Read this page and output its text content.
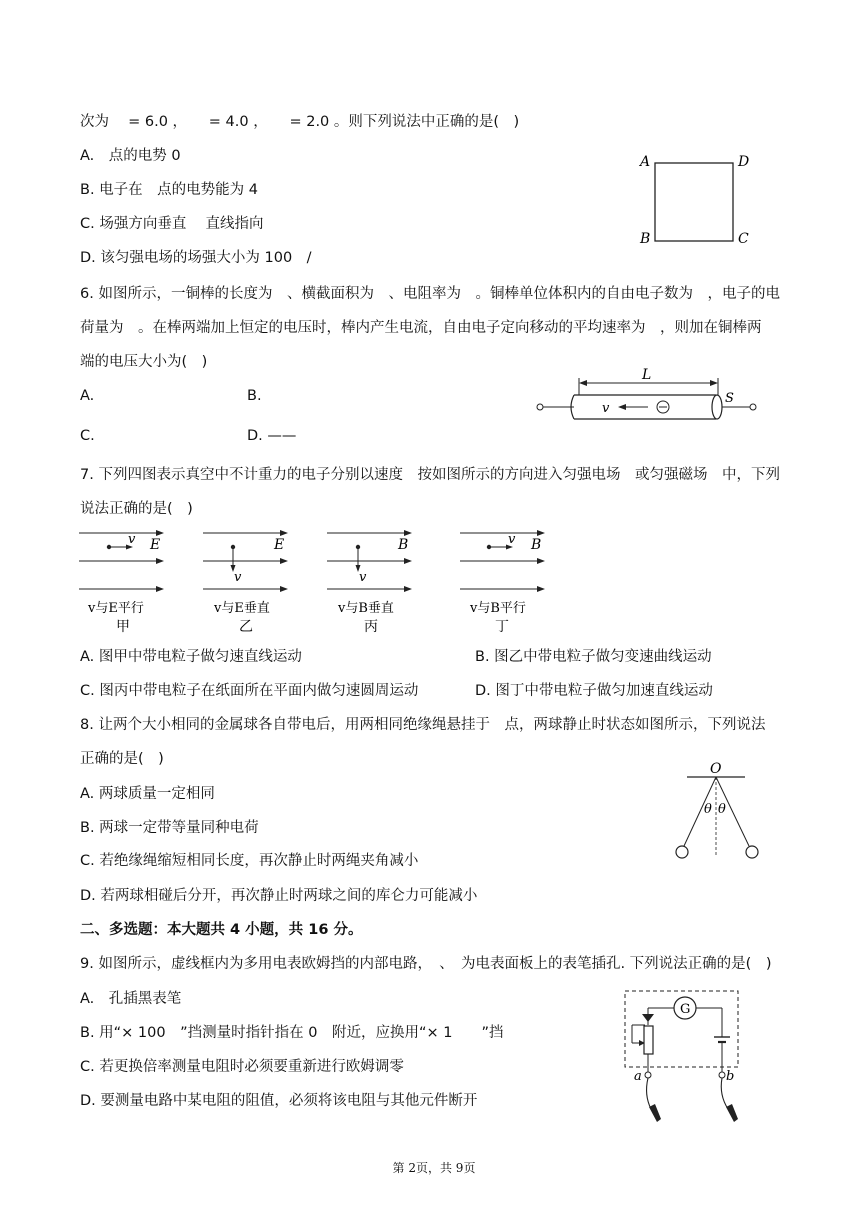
次为　 = 6.0 ，　　= 4.0 ，　　= 2.0 。则下列说法中正确的是(　)
A.　点的电势 0
B. 电子在　点的电势能为 4
C. 场强方向垂直　 直线指向
D. 该匀强电场的场强大小为 100　/
A	D
B	C
6. 如图所示，一铜棒的长度为　、横截面积为　、电阻率为　。铜棒单位体积内的自由电子数为　，电子的电
荷量为　。在棒两端加上恒定的电压时，棒内产生电流，自由电子定向移动的平均速率为　，则加在铜棒两
端的电压大小为(　)
A.	B.
C.	D. ——
L
v
S
7. 下列四图表示真空中不计重力的电子分别以速度　按如图所示的方向进入匀强电场　或匀强磁场　中，下列
说法正确的是(　)
v E
v与E平行
甲
v
E
v与E垂直
乙
v
B
v与B垂直
丙
v B
v与B平行
丁
A. 图甲中带电粒子做匀速直线运动	B. 图乙中带电粒子做匀变速曲线运动
C. 图丙中带电粒子在纸面所在平面内做匀速圆周运动	D. 图丁中带电粒子做匀加速直线运动
8. 让两个大小相同的金属球各自带电后，用两相同绝缘绳悬挂于　点，两球静止时状态如图所示，下列说法
正确的是(　)
A. 两球质量一定相同
B. 两球一定带等量同种电荷
C. 若绝缘绳缩短相同长度，再次静止时两绳夹角减小
D. 若两球相碰后分开，再次静止时两球之间的库仑力可能减小
O
θ θ
二、多选题：本大题共 4 小题，共 16 分。
9. 如图所示，虚线框内为多用电表欧姆挡的内部电路，　、　为电表面板上的表笔插孔. 下列说法正确的是(　)
A.　孔插黑表笔
B. 用“× 100　”挡测量时指针指在 0　附近，应换用“× 1　　”挡
C. 若更换倍率测量电阻时必须要重新进行欧姆调零
D. 要测量电路中某电阻的阻值，必须将该电阻与其他元件断开
G
a	b
第 2页，共 9页
